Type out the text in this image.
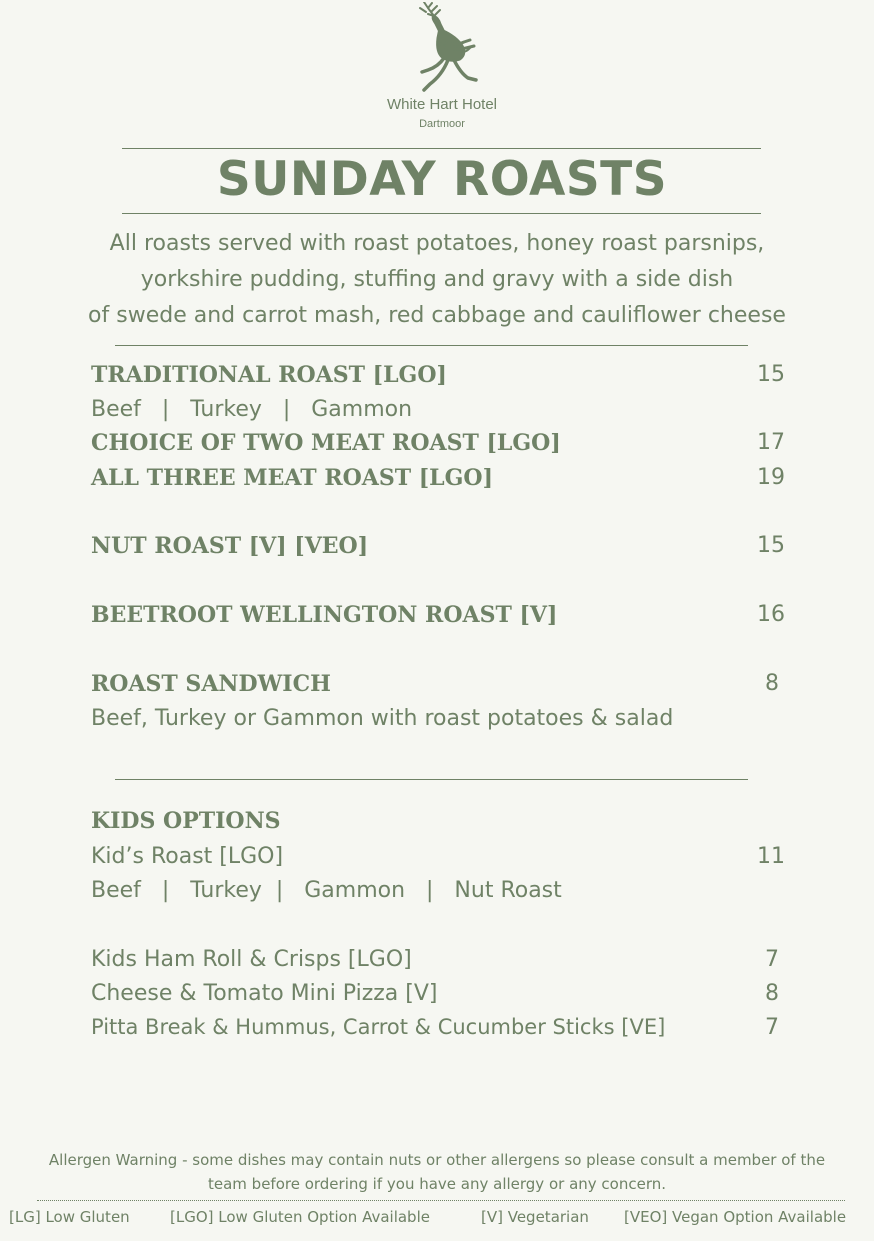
White Hart Hotel
Dartmoor
SUNDAY ROASTS
All roasts served with roast potatoes, honey roast parsnips,
yorkshire pudding, stuffing and gravy with a side dish
of swede and carrot mash, red cabbage and cauliflower cheese
TRADITIONAL ROAST [LGO]	15
Beef   |   Turkey   |   Gammon
CHOICE OF TWO MEAT ROAST [LGO]	17
ALL THREE MEAT ROAST [LGO]	19
NUT ROAST [V] [VEO]	15
BEETROOT WELLINGTON ROAST [V]	16
ROAST SANDWICH	8
Beef, Turkey or Gammon with roast potatoes & salad
KIDS OPTIONS
Kid’s Roast [LGO]	11
Beef   |   Turkey  |   Gammon   |   Nut Roast
Kids Ham Roll & Crisps [LGO]	7
Cheese & Tomato Mini Pizza [V]	8
Pitta Break & Hummus, Carrot & Cucumber Sticks [VE]	7
Allergen Warning - some dishes may contain nuts or other allergens so please consult a member of the
team before ordering if you have any allergy or any concern.
[LG] Low Gluten	[LGO] Low Gluten Option Available	[V] Vegetarian [VEO] Vegan Option Available
